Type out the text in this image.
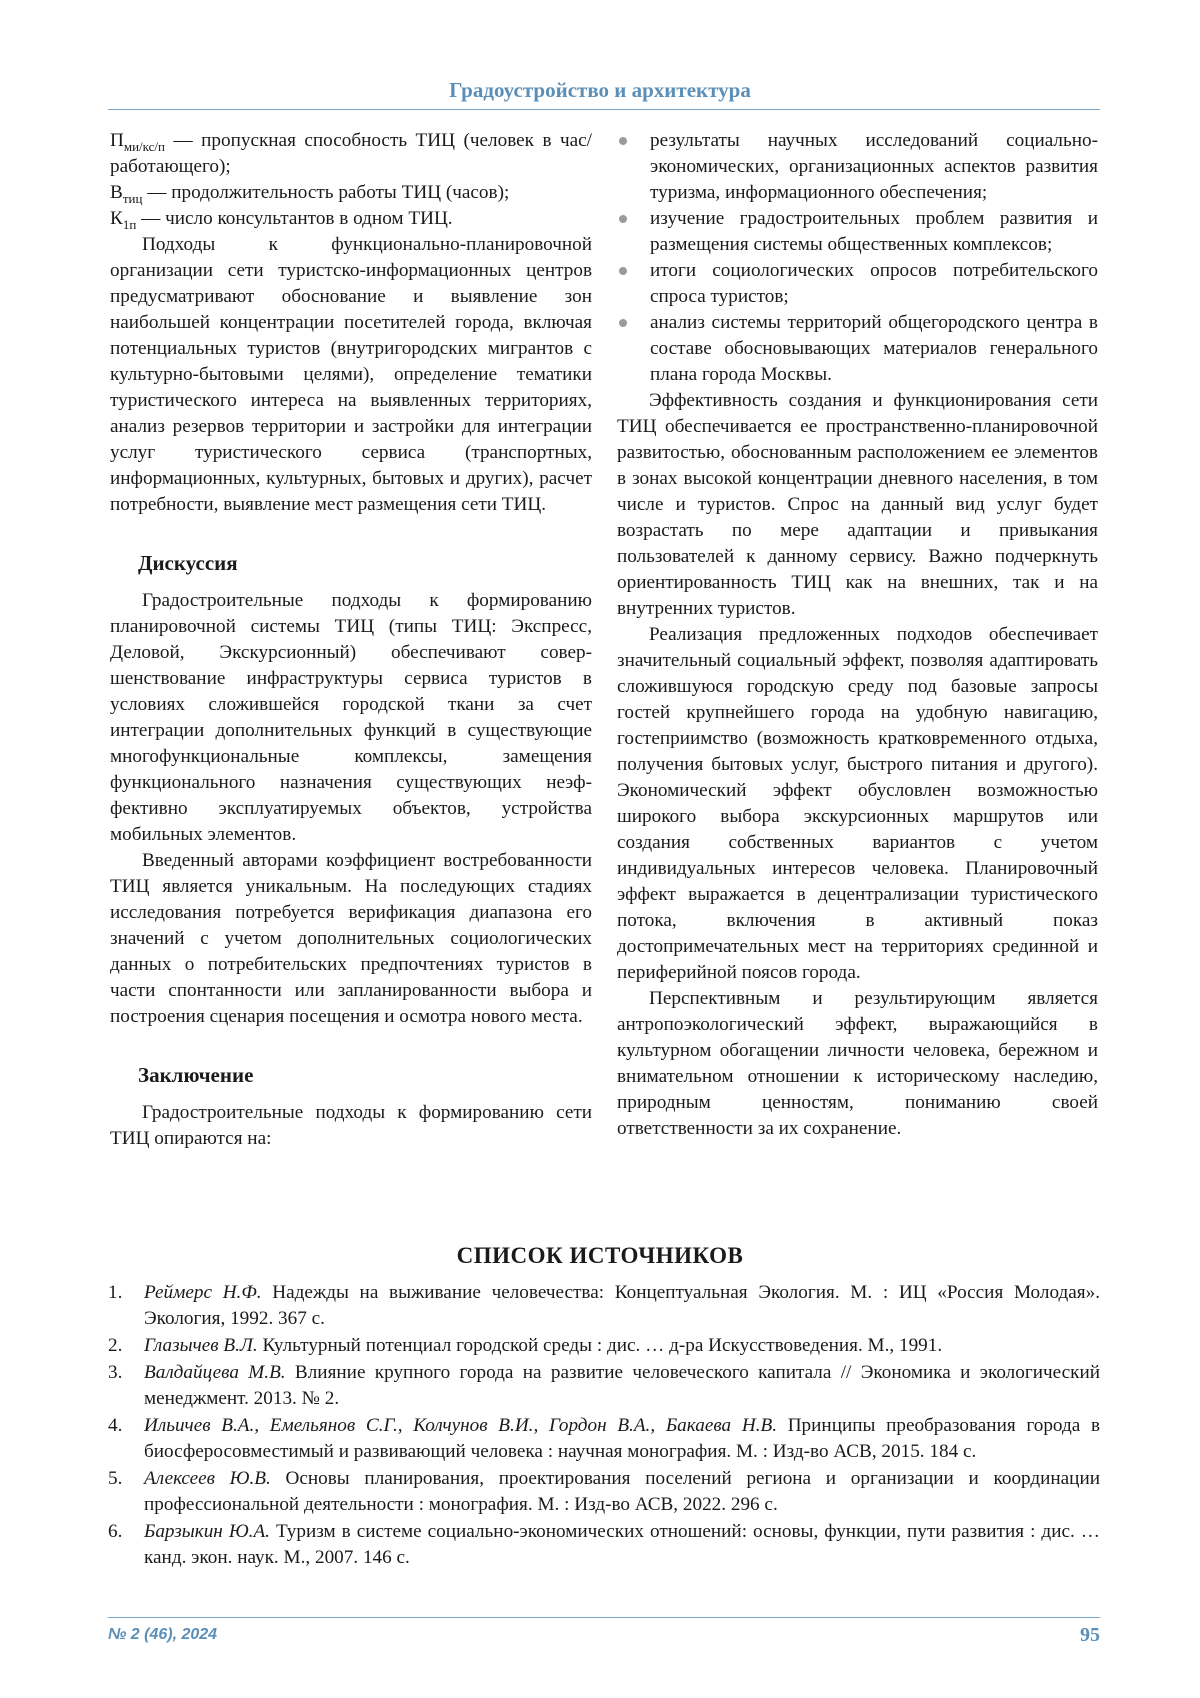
Градоустройство и архитектура

Пми/кс/п — пропускная способность ТИЦ (чело­век в час/работающего);

Втиц — продолжительность работы ТИЦ (часов);

К1п — число консультантов в одном ТИЦ.

Подходы к функционально-планировочной организации сети туристско-информационных цен­тров предусматривают обоснование и выявление зон наибольшей концентрации посетителей города, включая потенциальных туристов (внутригородских мигрантов с культурно-бытовыми целями), опреде­ление тематики туристического интереса на выяв­ленных территориях, анализ резервов территории и застройки для интеграции услуг туристического сервиса (транспортных, информационных, культур­ных, бытовых и других), расчет потребности, выяв­ление мест размещения сети ТИЦ.

Дискуссия

Градостроительные подходы к формированию планировочной системы ТИЦ (типы ТИЦ: Экспресс, Деловой, Экскурсионный) обеспечивают совер­шенствование инфраструктуры сервиса туристов в условиях сложившейся городской ткани за счет интеграции дополнительных функций в существую­щие многофункциональные комплексы, замещения функционального назначения существующих неэф­фективно эксплуатируемых объектов, устройства мобильных элементов.

Введенный авторами коэффициент востребован­ности ТИЦ является уникальным. На последующих стадиях исследования потребуется верификация диапазона его значений с учетом дополнительных социологических данных о потребительских предпо­чтениях туристов в части спонтанности или заплани­рованности выбора и построения сценария посеще­ния и осмотра нового места.

Заключение

Градостроительные подходы к формированию сети ТИЦ опираются на:

результаты научных исследований социально-экономических, организационных аспектов раз­вития туризма, информационного обеспечения;
изучение градостроительных проблем развития и размещения системы общественных комплексов;
итоги социологических опросов потребитель­ского спроса туристов;
анализ системы территорий общегородского центра в составе обосновывающих материалов генерального плана города Москвы.

Эффективность создания и функционирования сети ТИЦ обеспечивается ее пространственно-планировочной развитостью, обоснованным рас­положением ее элементов в зонах высокой концен­трации дневного населения, в том числе и тури­стов. Спрос на данный вид услуг будет возрастать по мере адаптации и привыкания пользователей к данному сервису. Важно подчеркнуть ориенти­рованность ТИЦ как на внешних, так и на внутрен­них туристов.

Реализация предложенных подходов обеспе­чивает значительный социальный эффект, позво­ляя адаптировать сложившуюся городскую среду под базовые запросы гостей крупнейшего города на удобную навигацию, гостеприимство (возмож­ность кратковременного отдыха, получения быто­вых услуг, быстрого питания и другого). Экономи­ческий эффект обусловлен возможностью широкого выбора экскурсионных маршрутов или создания собственных вариантов с учетом индивидуальных интересов человека. Планировочный эффект выра­жается в децентрализации туристического потока, включения в активный показ достопримечательных мест на территориях срединной и периферийной поясов города.

Перспективным и результирующим является антропоэкологический эффект, выражающийся в культурном обогащении личности человека, береж­ном и внимательном отношении к историческому наследию, природным ценностям, пониманию своей ответственности за их сохранение.

СПИСОК ИСТОЧНИКОВ
1. Реймерс Н.Ф. Надежды на выживание человечества: Концептуальная Экология. М. : ИЦ «Россия Мо­лодая». Экология, 1992. 367 с.
2. Глазычев В.Л. Культурный потенциал городской среды : дис. … д-ра Искусствоведения. М., 1991.
3. Валдайцева М.В. Влияние крупного города на развитие человеческого капитала // Экономика и эколо­гический менеджмент. 2013. № 2.
4. Ильичев В.А., Емельянов С.Г., Колчунов В.И., Гордон В.А., Бакаева Н.В. Принципы преобразования го­рода в биосферосовместимый и развивающий человека : научная монография. М. : Изд-во АСВ, 2015. 184 с.
5. Алексеев Ю.В. Основы планирования, проектирования поселений региона и организации и координа­ции профессиональной деятельности : монография. М. : Изд-во АСВ, 2022. 296 с.
6. Барзыкин Ю.А. Туризм в системе социально-экономических отношений: основы, функции, пути разви­тия : дис. … канд. экон. наук. М., 2007. 146 с.
№ 2 (46), 2024	95
